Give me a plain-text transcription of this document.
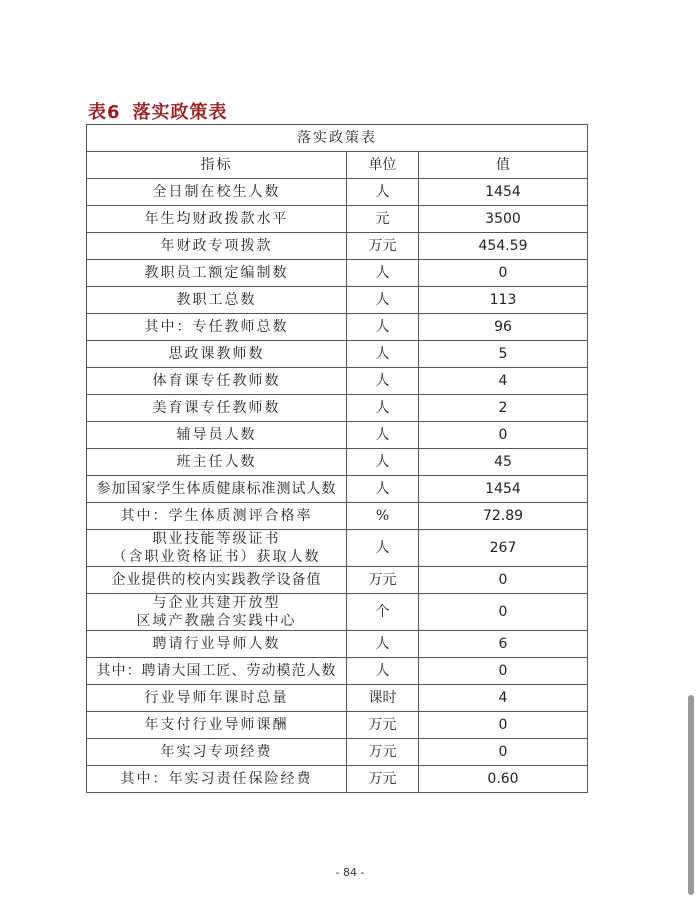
表6 落实政策表
落实政策表		
指标	单位	值
全日制在校生人数	人	1454
年生均财政拨款水平	元	3500
年财政专项拨款	万元	454.59
教职员工额定编制数	人	0
教职工总数	人	113
其中：专任教师总数	人	96
思政课教师数	人	5
体育课专任教师数	人	4
美育课专任教师数	人	2
辅导员人数	人	0
班主任人数	人	45
参加国家学生体质健康标准测试人数	人	1454
其中：学生体质测评合格率	%	72.89

职业技能等级证书
（含职业资格证书）获取人数	人	267
企业提供的校内实践教学设备值	万元	0

与企业共建开放型
区域产教融合实践中心	个	0
聘请行业导师人数	人	6
其中：聘请大国工匠、劳动模范人数	人	0
行业导师年课时总量	课时	4
年支付行业导师课酬	万元	0
年实习专项经费	万元	0
其中：年实习责任保险经费	万元	0.60
- 84 -
